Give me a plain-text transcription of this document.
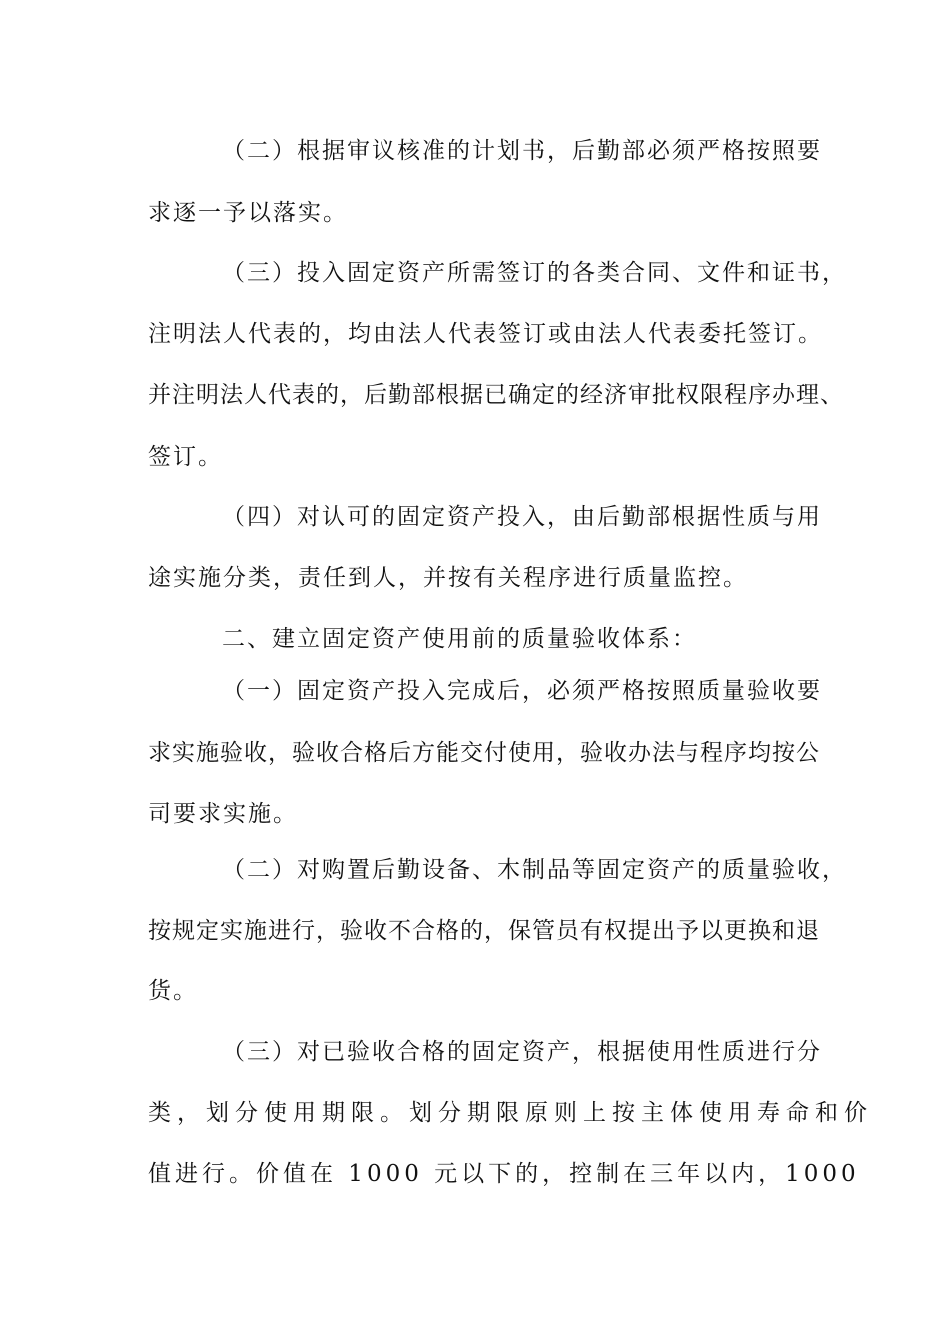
（二）根据审议核准的计划书，后勤部必须严格按照要
求逐一予以落实。
（三）投入固定资产所需签订的各类合同、文件和证书，
注明法人代表的，均由法人代表签订或由法人代表委托签订。
并注明法人代表的，后勤部根据已确定的经济审批权限程序办理、
签订。
（四）对认可的固定资产投入，由后勤部根据性质与用
途实施分类，责任到人，并按有关程序进行质量监控。
二、建立固定资产使用前的质量验收体系：
（一）固定资产投入完成后，必须严格按照质量验收要
求实施验收，验收合格后方能交付使用，验收办法与程序均按公
司要求实施。
（二）对购置后勤设备、木制品等固定资产的质量验收，
按规定实施进行，验收不合格的，保管员有权提出予以更换和退
货。
（三）对已验收合格的固定资产，根据使用性质进行分
类，划分使用期限。划分期限原则上按主体使用寿命和价
值进行。价值在 1000 元以下的，控制在三年以内，1000
